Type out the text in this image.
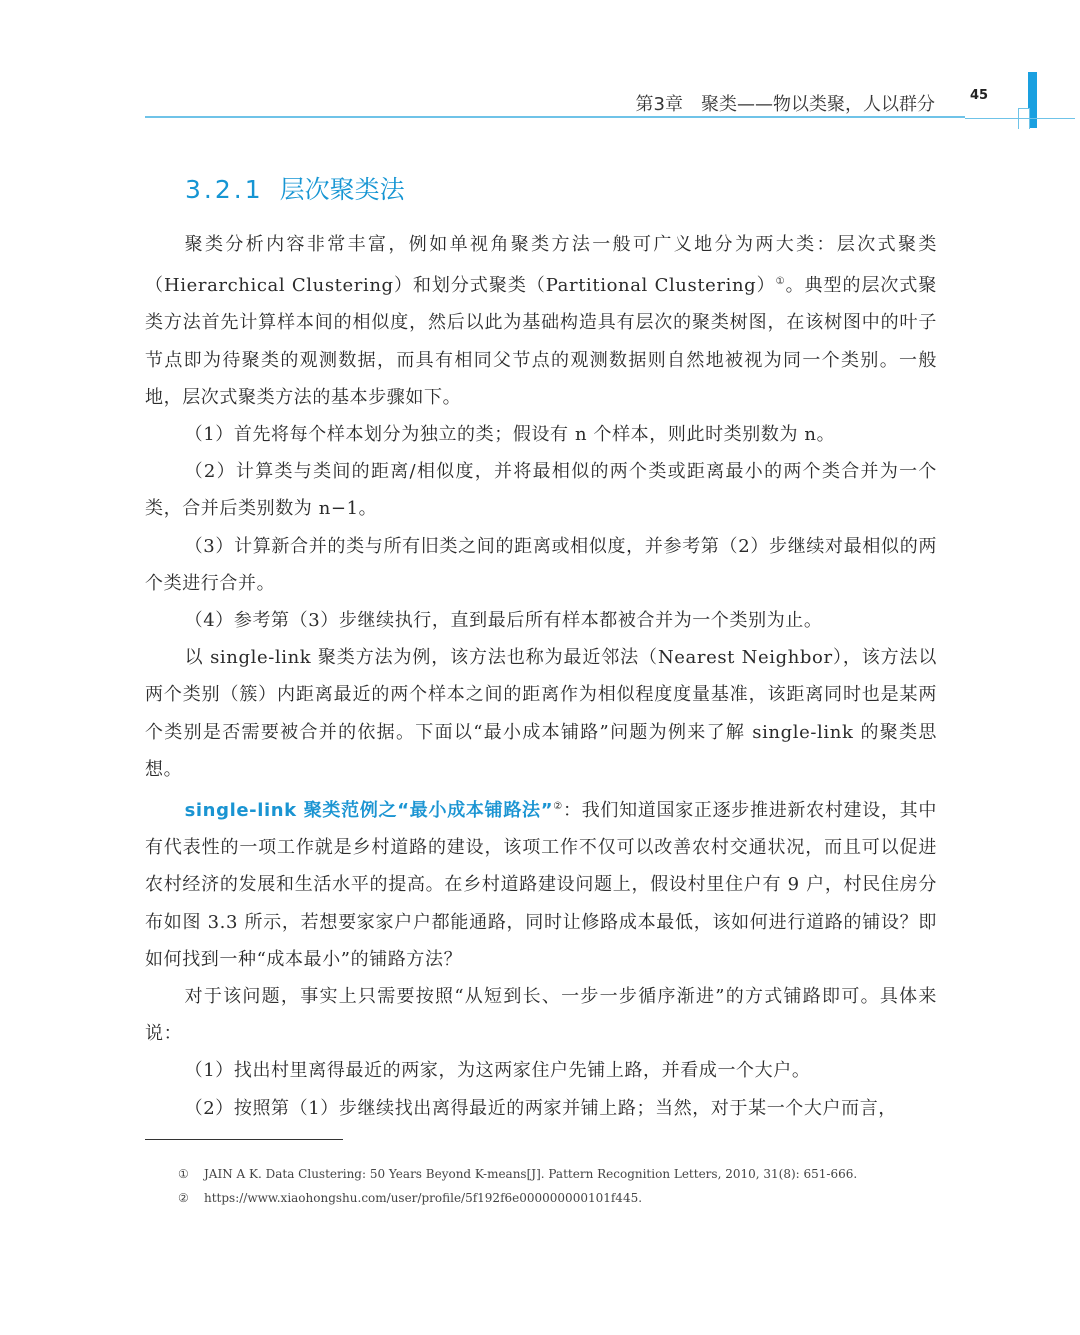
第3章　聚类——物以类聚，人以群分	45
3.2.1 层次聚类法

聚类分析内容非常丰富，例如单视角聚类方法一般可广义地分为两大类：层次式聚类（Hierarchical Clustering）和划分式聚类（Partitional Clustering）①。典型的层次式聚类方法首先计算样本间的相似度，然后以此为基础构造具有层次的聚类树图，在该树图中的叶子节点即为待聚类的观测数据，而具有相同父节点的观测数据则自然地被视为同一个类别。一般地，层次式聚类方法的基本步骤如下。

（1）首先将每个样本划分为独立的类；假设有 n 个样本，则此时类别数为 n。

（2）计算类与类间的距离/相似度，并将最相似的两个类或距离最小的两个类合并为一个类，合并后类别数为 n−1。

（3）计算新合并的类与所有旧类之间的距离或相似度，并参考第（2）步继续对最相似的两个类进行合并。

（4）参考第（3）步继续执行，直到最后所有样本都被合并为一个类别为止。

以 single-link 聚类方法为例，该方法也称为最近邻法（Nearest Neighbor），该方法以两个类别（簇）内距离最近的两个样本之间的距离作为相似程度度量基准，该距离同时也是某两个类别是否需要被合并的依据。下面以“最小成本铺路”问题为例来了解 single-link 的聚类思想。

single-link 聚类范例之“最小成本铺路法”②：我们知道国家正逐步推进新农村建设，其中有代表性的一项工作就是乡村道路的建设，该项工作不仅可以改善农村交通状况，而且可以促进农村经济的发展和生活水平的提高。在乡村道路建设问题上，假设村里住户有 9 户，村民住房分布如图 3.3 所示，若想要家家户户都能通路，同时让修路成本最低，该如何进行道路的铺设？即如何找到一种“成本最小”的铺路方法？

对于该问题，事实上只需要按照“从短到长、一步一步循序渐进”的方式铺路即可。具体来说：

（1）找出村里离得最近的两家，为这两家住户先铺上路，并看成一个大户。

（2）按照第（1）步继续找出离得最近的两家并铺上路；当然，对于某一个大户而言，

① JAIN A K. Data Clustering: 50 Years Beyond K-means[J]. Pattern Recognition Letters, 2010, 31(8): 651-666.
② https://www.xiaohongshu.com/user/profile/5f192f6e000000000101f445.
